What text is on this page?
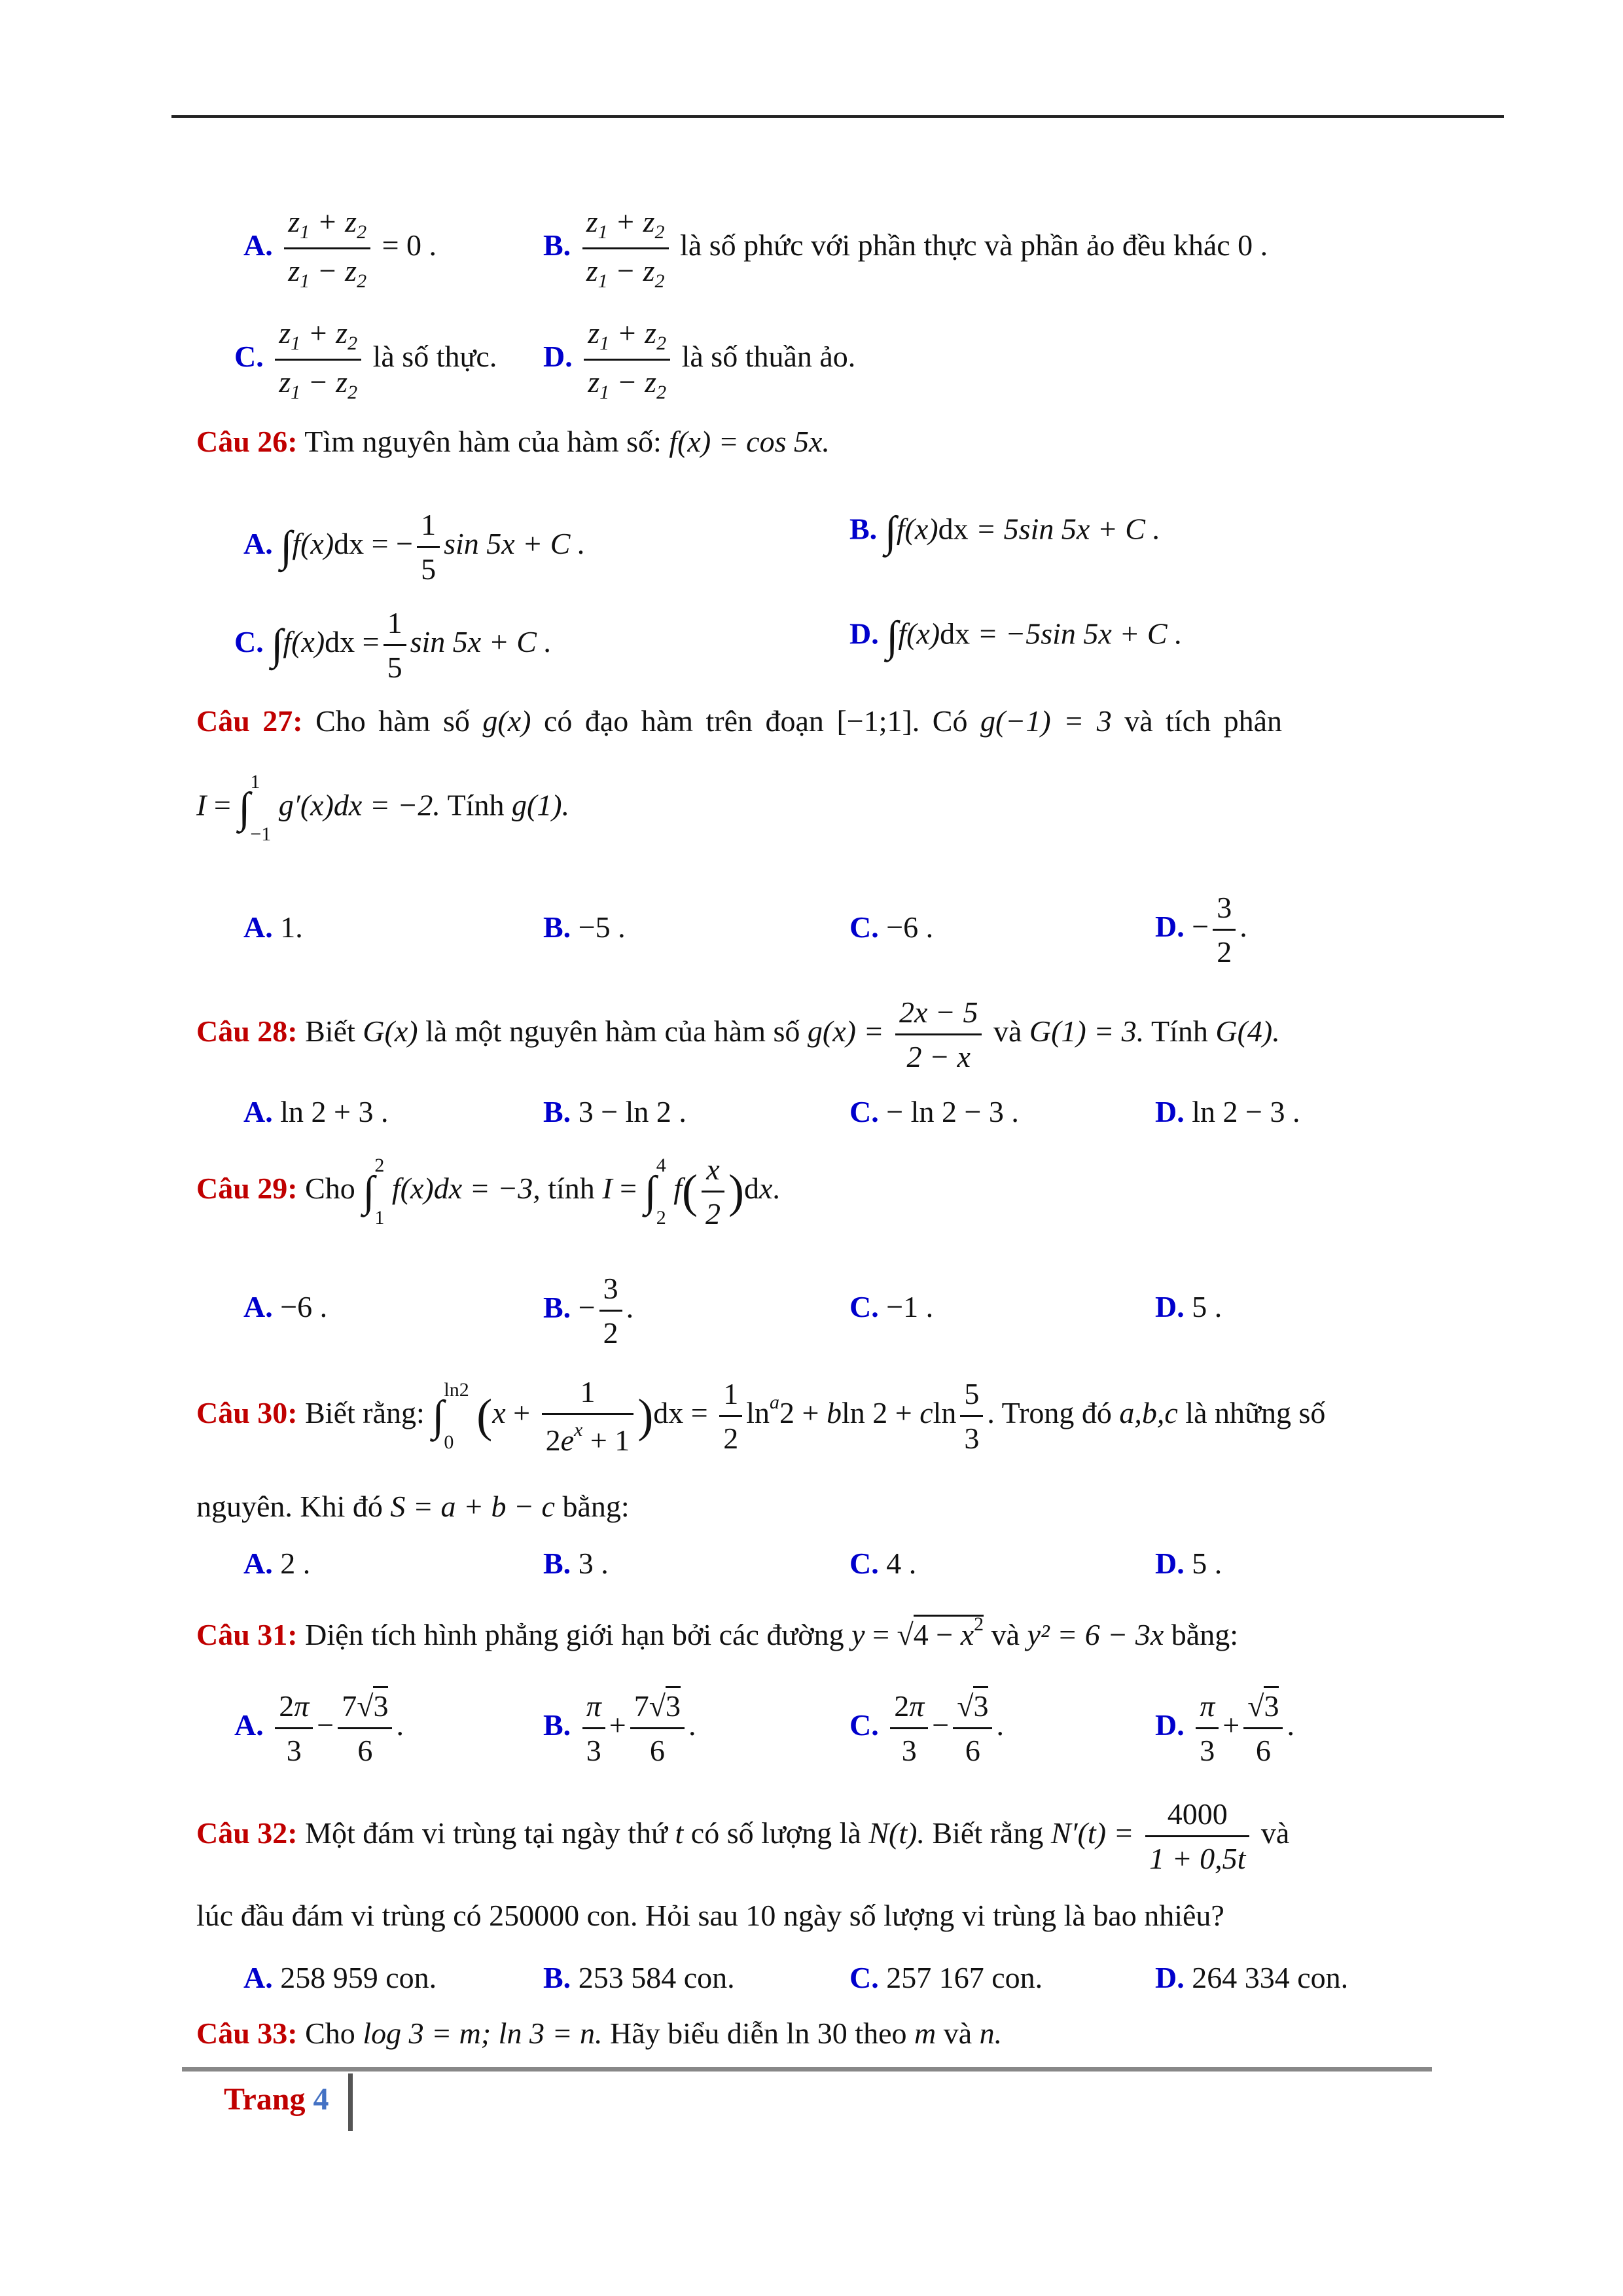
A. $\frac{z_1 + z_2}{z_1 - z_2} = 0$ .	B. $\frac{z_1 + z_2}{z_1 - z_2}$ là số phức với phần thực và phần ảo đều khác 0 .
C. $\frac{z_1 + z_2}{z_1 - z_2}$ là số thực. D. $\frac{z_1 + z_2}{z_1 - z_2}$ là số thuần ảo.
Câu 26: Tìm nguyên hàm của hàm số: f(x) = cos 5x.
A. ∫f(x)dx = − $\frac{1}{5}$ sin 5x + C .	B. ∫f(x)dx = 5sin 5x + C .
C. $\int f(x)dx = \frac{1}{5}$ sin 5x + C .	D. ∫f(x)dx = −5sin 5x + C .
Câu 27: Cho hàm số g(x) có đạo hàm trên đoạn [−1;1]. Có g(−1) = 3 và tích phân
I = ∫
1
−1
g′(x)dx = −2. Tính g(1).
A. 1.	B. −5 .	C. −6 .	D. − $\frac{3}{2}$ .
Câu 28: Biết G(x) là một nguyên hàm của hàm số $g(x) = \frac{2x - 5}{2 - x}$ và G(1) = 3. Tính G(4).
A. ln 2 + 3 .	B. 3 − ln 2 .	C. − ln 2 − 3 .	D. ln 2 − 3 .
Câu 29: Cho ∫
2
1
f(x)dx = −3, tính I = ∫
4
2
$f( \frac{x}{2} )dx$.
A. −6 .	B. − $\frac{3}{2}$ .	C. −1 .	D. 5 .
Câu 30: Biết rằng: ∫
ln2
0 $(x + \frac{1}{2e^x + 1} )dx = \frac{1}{2} \ln^a2 + bln$ 2 + cln $\frac{5}{3}$ . Trong đó a,b,c là những số
nguyên. Khi đó S = a + b − c bằng:
A. 2 .	B. 3 .	C. 4 .	D. 5 .
Câu 31: Diện tích hình phẳng giới hạn bởi các đường $y = √4 - x^2$ và y² = 6 − 3x bằng:
A. $\frac{2\pi}{3} - \frac{7√3}{6}$ .	B. $\frac{\pi}{3} + \frac{7√3}{6}$ .	C. $\frac{2\pi}{3} - \frac{√3}{6}$ .	D. $\frac{\pi}{3} + \frac{√3}{6}$ .
Câu 32: Một đám vi trùng tại ngày thứ t có số lượng là N(t). Biết rằng $N'(t) = \frac{4000}{1 + 0,5t}$ và
lúc đầu đám vi trùng có 250000 con. Hỏi sau 10 ngày số lượng vi trùng là bao nhiêu?
A. 258 959 con.	B. 253 584 con.	C. 257 167 con.	D. 264 334 con.
Câu 33: Cho log 3 = m; ln 3 = n. Hãy biểu diễn ln 30 theo m và n.
Trang 4
